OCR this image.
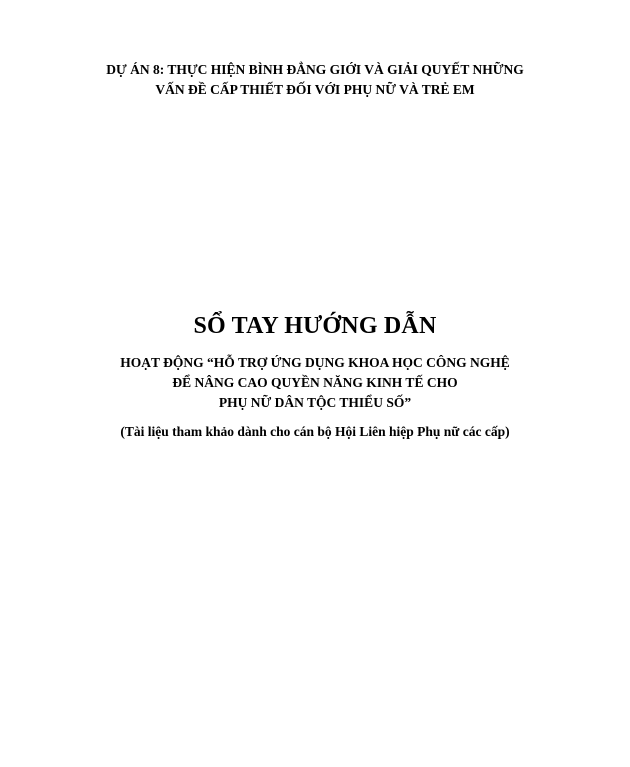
DỰ ÁN 8: THỰC HIỆN BÌNH ĐẲNG GIỚI VÀ GIẢI QUYẾT NHỮNG
VẤN ĐỀ CẤP THIẾT ĐỐI VỚI PHỤ NỮ VÀ TRẺ EM
SỔ TAY HƯỚNG DẪN
HOẠT ĐỘNG “HỖ TRỢ ỨNG DỤNG KHOA HỌC CÔNG NGHỆ
ĐỂ NÂNG CAO QUYỀN NĂNG KINH TẾ CHO
PHỤ NỮ DÂN TỘC THIỂU SỐ”
(Tài liệu tham khảo dành cho cán bộ Hội Liên hiệp Phụ nữ các cấp)
